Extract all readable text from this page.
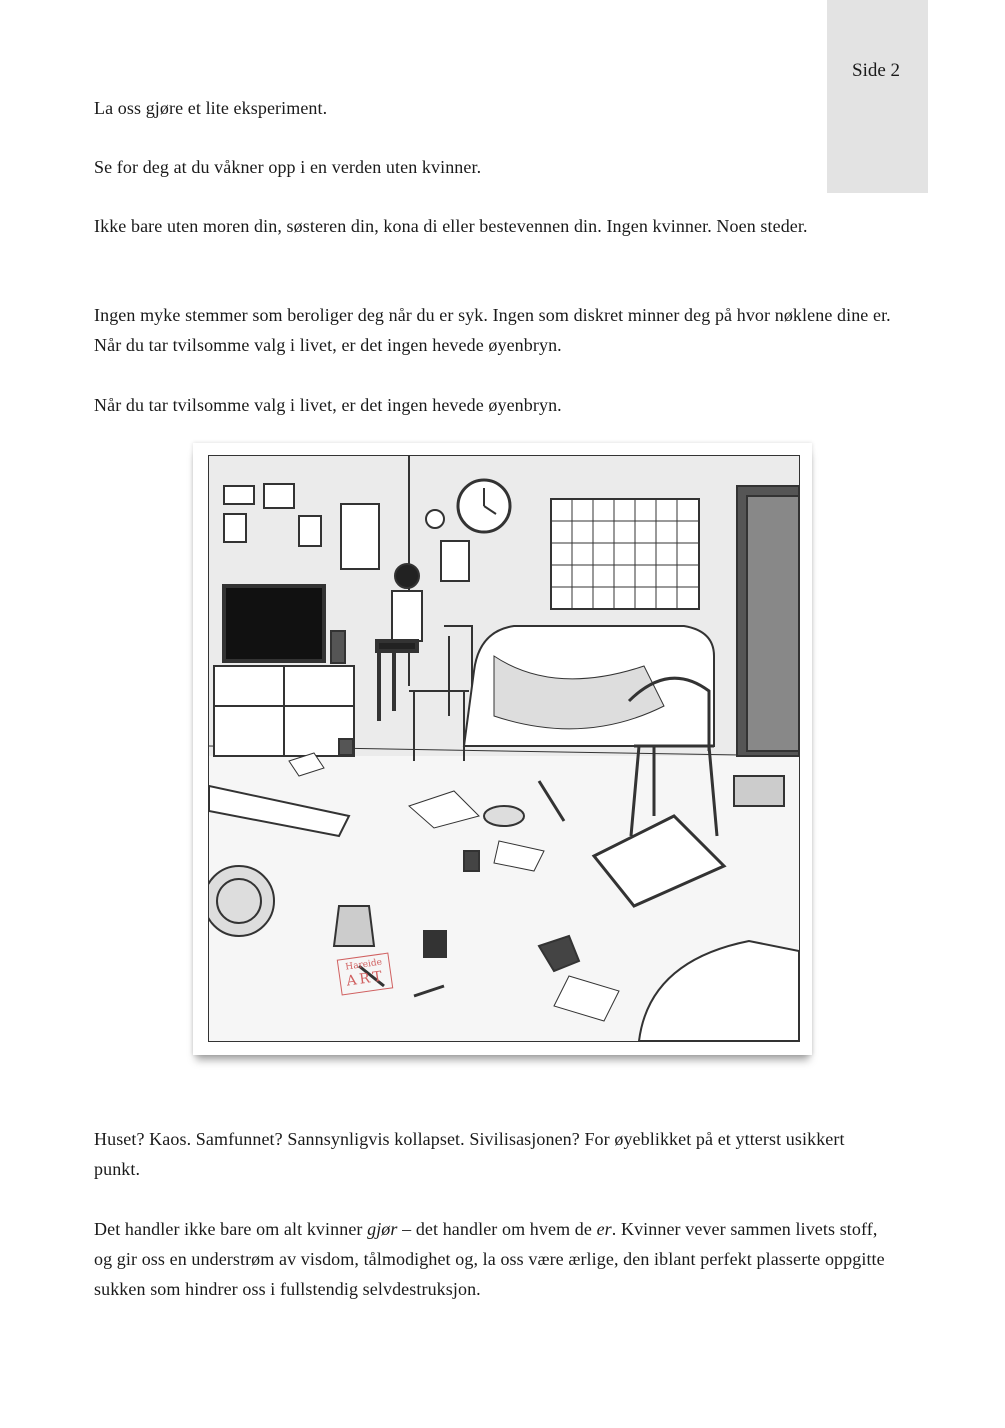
Side 2
La oss gjøre et lite eksperiment.
Se for deg at du våkner opp i en verden uten kvinner.
Ikke bare uten moren din, søsteren din, kona di eller bestevennen din. Ingen kvinner. Noen steder.
Ingen myke stemmer som beroliger deg når du er syk. Ingen som diskret minner deg på hvor nøklene dine er. Når du tar tvilsomme valg i livet, er det ingen hevede øyenbryn.
Når du tar tvilsomme valg i livet, er det ingen hevede øyenbryn.
Hareide
ART
Huset? Kaos. Samfunnet? Sannsynligvis kollapset. Sivilisasjonen? For øyeblikket på et ytterst usikkert punkt.
Det handler ikke bare om alt kvinner gjør – det handler om hvem de er. Kvinner vever sammen livets stoff, og gir oss en understrøm av visdom, tålmodighet og, la oss være ærlige, den iblant perfekt plasserte oppgitte sukken som hindrer oss i fullstendig selvdestruksjon.
